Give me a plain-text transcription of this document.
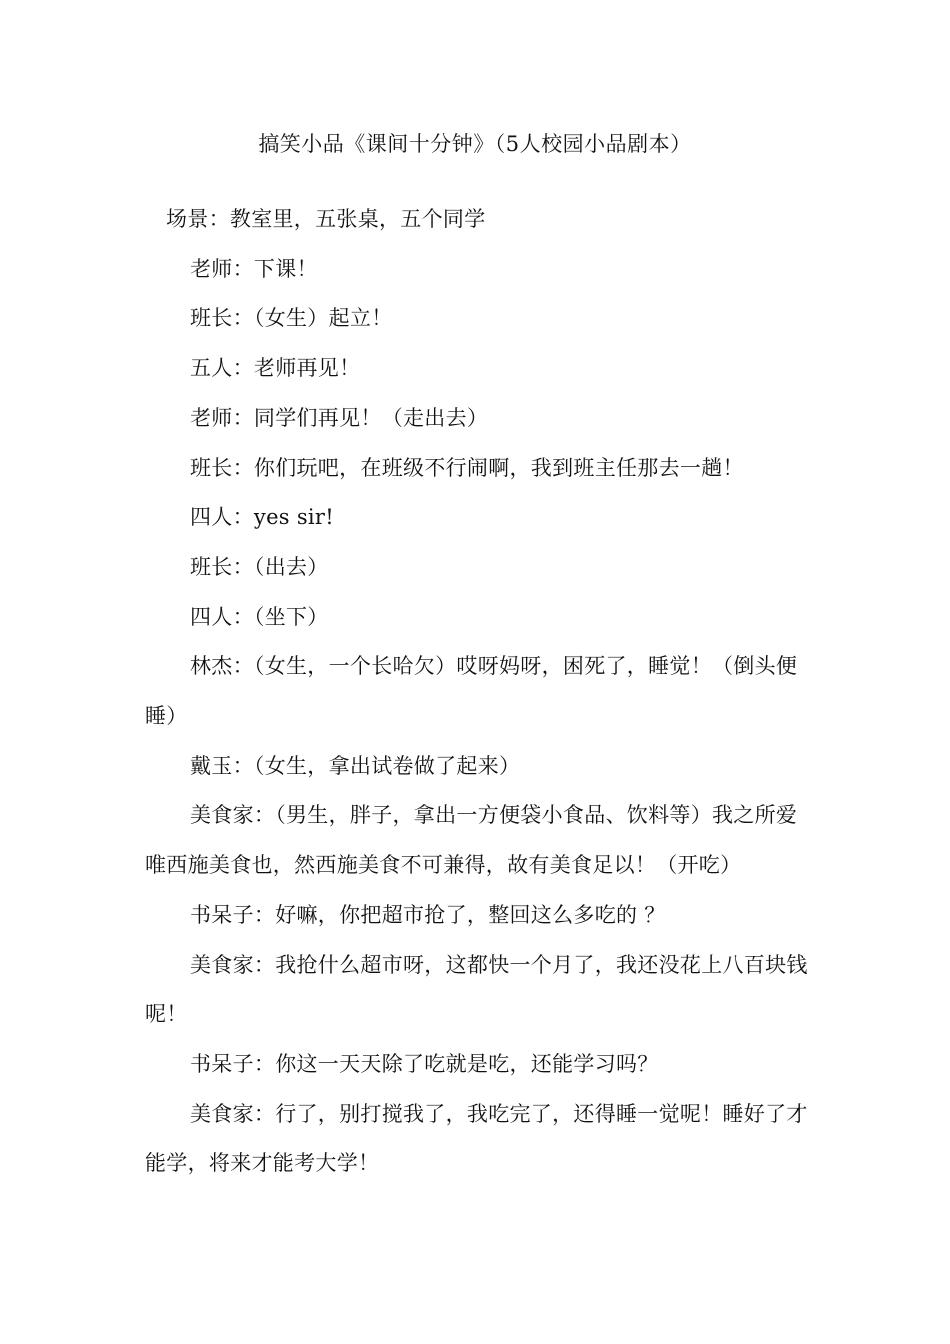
搞笑小品《课间十分钟》（5人校园小品剧本）

场景：教室里，五张桌，五个同学

老师：下课！

班长：（女生）起立！

五人：老师再见！

老师：同学们再见！（走出去）

班长：你们玩吧，在班级不行闹啊，我到班主任那去一趟！

四人：yes sir!

班长：（出去）

四人：（坐下）

林杰：（女生，一个长哈欠）哎呀妈呀，困死了，睡觉！（倒头便睡）

戴玉：（女生，拿出试卷做了起来）

美食家：（男生，胖子，拿出一方便袋小食品、饮料等）我之所爱唯西施美食也，然西施美食不可兼得，故有美食足以！（开吃）

书呆子：好嘛，你把超市抢了，整回这么多吃的 ？

美食家：我抢什么超市呀，这都快一个月了，我还没花上八百块钱呢！

书呆子：你这一天天除了吃就是吃，还能学习吗？

美食家：行了，别打搅我了，我吃完了，还得睡一觉呢！睡好了才能学，将来才能考大学！
